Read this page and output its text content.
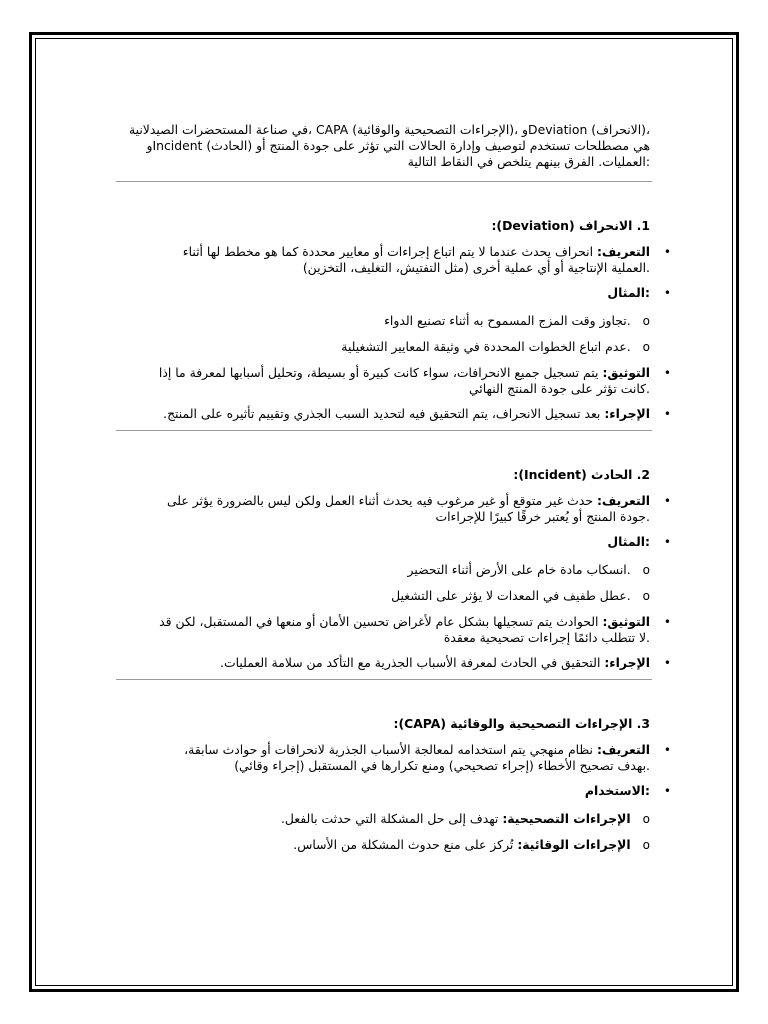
،(الانحراف) Deviationو ،(الإجراءات التصحيحية والوقائية) CAPA ،في صناعة المستحضرات الصيدلانية
هي مصطلحات تستخدم لتوصيف وإدارة الحالات التي تؤثر على جودة المنتج أو (الحادث) Incidentو
:العمليات. الفرق بينهم يتلخص في النقاط التالية

1. الانحراف (Deviation):
•
التعريف: انحراف يحدث عندما لا يتم اتباع إجراءات أو معايير محددة كما هو مخطط لها أثناء
.العملية الإنتاجية أو أي عملية أخرى (مثل التفتيش، التغليف، التخزين)
•
:المثال
o.تجاوز وقت المزج المسموح به أثناء تصنيع الدواء
o.عدم اتباع الخطوات المحددة في وثيقة المعايير التشغيلية
•
التوثيق: يتم تسجيل جميع الانحرافات، سواء كانت كبيرة أو بسيطة، وتحليل أسبابها لمعرفة ما إذا
.كانت تؤثر على جودة المنتج النهائي
•
الإجراء: بعد تسجيل الانحراف، يتم التحقيق فيه لتحديد السبب الجذري وتقييم تأثيره على المنتج.
2. الحادث (Incident):
•
التعريف: حدث غير متوقع أو غير مرغوب فيه يحدث أثناء العمل ولكن ليس بالضرورة يؤثر على
.جودة المنتج أو يُعتبر خرقًا كبيرًا للإجراءات
•
:المثال
o.انسكاب مادة خام على الأرض أثناء التحضير
o.عطل طفيف في المعدات لا يؤثر على التشغيل
•
التوثيق: الحوادث يتم تسجيلها بشكل عام لأغراض تحسين الأمان أو منعها في المستقبل، لكن قد
.لا تتطلب دائمًا إجراءات تصحيحية معقدة
•
الإجراء: التحقيق في الحادث لمعرفة الأسباب الجذرية مع التأكد من سلامة العمليات.
3. الإجراءات التصحيحية والوقائية (CAPA):
•
التعريف: نظام منهجي يتم استخدامه لمعالجة الأسباب الجذرية لانحرافات أو حوادث سابقة،
.بهدف تصحيح الأخطاء (إجراء تصحيحي) ومنع تكرارها في المستقبل (إجراء وقائي)
•
:الاستخدام
oالإجراءات التصحيحية: تهدف إلى حل المشكلة التي حدثت بالفعل.
oالإجراءات الوقائية: تُركز على منع حدوث المشكلة من الأساس.
